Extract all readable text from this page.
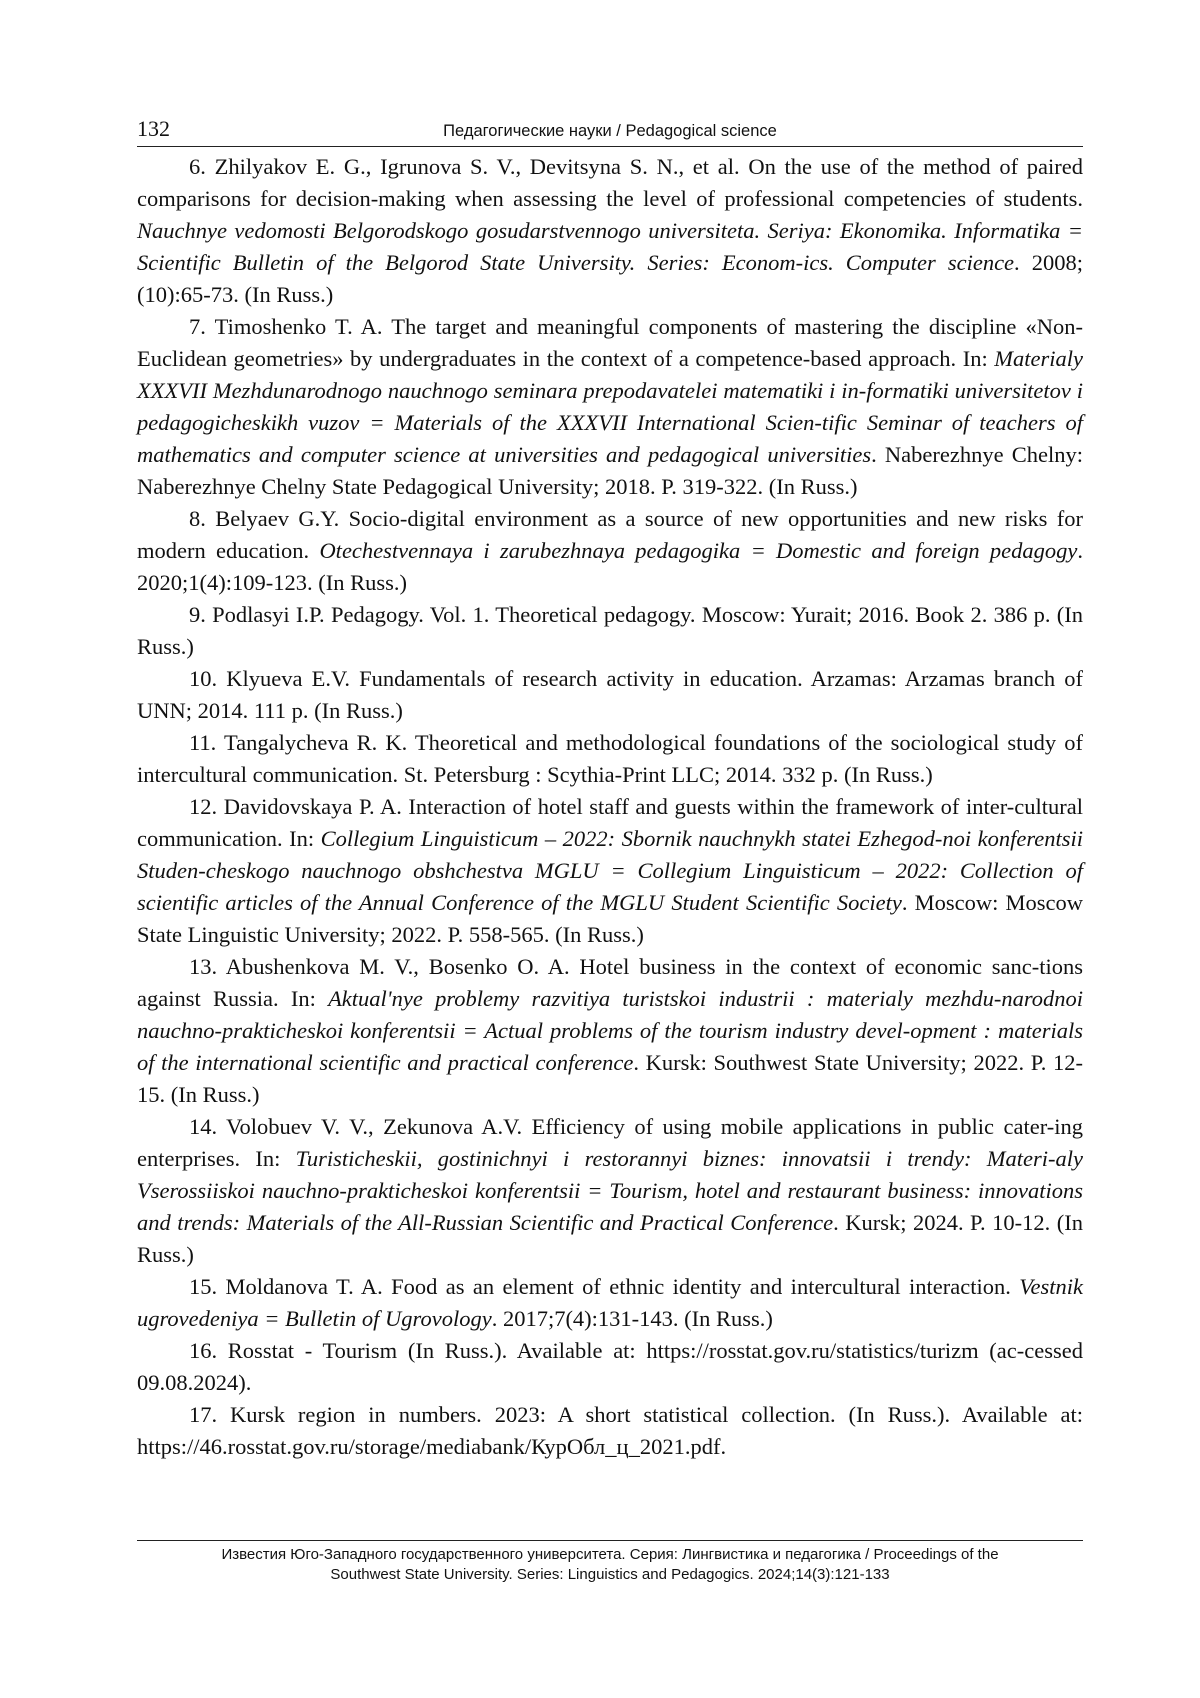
132	Педагогические науки / Pedagogical science

6. Zhilyakov E. G., Igrunova S. V., Devitsyna S. N., et al. On the use of the method of paired comparisons for decision-making when assessing the level of professional competencies of students. Nauchnye vedomosti Belgorodskogo gosudarstvennogo universiteta. Seriya: Ekonomika. Informatika = Scientific Bulletin of the Belgorod State University. Series: Econom-ics. Computer science. 2008;(10):65-73. (In Russ.)

7. Timoshenko T. A. The target and meaningful components of mastering the discipline «Non-Euclidean geometries» by undergraduates in the context of a competence-based approach. In: Materialy XXXVII Mezhdunarodnogo nauchnogo seminara prepodavatelei matematiki i in-formatiki universitetov i pedagogicheskikh vuzov = Materials of the XXXVII International Scien-tific Seminar of teachers of mathematics and computer science at universities and pedagogical universities. Naberezhnye Chelny: Naberezhnye Chelny State Pedagogical University; 2018. P. 319-322. (In Russ.)

8. Belyaev G.Y. Socio-digital environment as a source of new opportunities and new risks for modern education. Otechestvennaya i zarubezhnaya pedagogika = Domestic and foreign pedagogy. 2020;1(4):109-123. (In Russ.)

9. Podlasyi I.P. Pedagogy. Vol. 1. Theoretical pedagogy. Moscow: Yurait; 2016. Book 2. 386 p. (In Russ.)

10. Klyueva E.V. Fundamentals of research activity in education. Arzamas: Arzamas branch of UNN; 2014. 111 p. (In Russ.)

11. Tangalycheva R. K. Theoretical and methodological foundations of the sociological study of intercultural communication. St. Petersburg : Scythia-Print LLC; 2014. 332 p. (In Russ.)

12. Davidovskaya P. A. Interaction of hotel staff and guests within the framework of inter-cultural communication. In: Collegium Linguisticum – 2022: Sbornik nauchnykh statei Ezhegod-noi konferentsii Studen-cheskogo nauchnogo obshchestva MGLU = Collegium Linguisticum – 2022: Collection of scientific articles of the Annual Conference of the MGLU Student Scientific Society. Moscow: Moscow State Linguistic University; 2022. P. 558-565. (In Russ.)

13. Abushenkova M. V., Bosenko O. A. Hotel business in the context of economic sanc-tions against Russia. In: Aktual'nye problemy razvitiya turistskoi industrii : materialy mezhdu-narodnoi nauchno-prakticheskoi konferentsii = Actual problems of the tourism industry devel-opment : materials of the international scientific and practical conference. Kursk: Southwest State University; 2022. P. 12-15. (In Russ.)

14. Volobuev V. V., Zekunova A.V. Efficiency of using mobile applications in public cater-ing enterprises. In: Turisticheskii, gostinichnyi i restorannyi biznes: innovatsii i trendy: Materi-aly Vserossiiskoi nauchno-prakticheskoi konferentsii = Tourism, hotel and restaurant business: innovations and trends: Materials of the All-Russian Scientific and Practical Conference. Kursk; 2024. P. 10-12. (In Russ.)

15. Moldanova T. A. Food as an element of ethnic identity and intercultural interaction. Vestnik ugrovedeniya = Bulletin of Ugrovology. 2017;7(4):131-143. (In Russ.)

16. Rosstat - Tourism (In Russ.). Available at: https://rosstat.gov.ru/statistics/turizm (ac-cessed 09.08.2024).

17. Kursk region in numbers. 2023: A short statistical collection. (In Russ.). Available at: https://46.rosstat.gov.ru/storage/mediabank/КурОбл_ц_2021.pdf.

Известия Юго-Западного государственного университета. Серия: Лингвистика и педагогика / Proceedings of the
Southwest State University. Series: Linguistics and Pedagogics. 2024;14(3):121-133
